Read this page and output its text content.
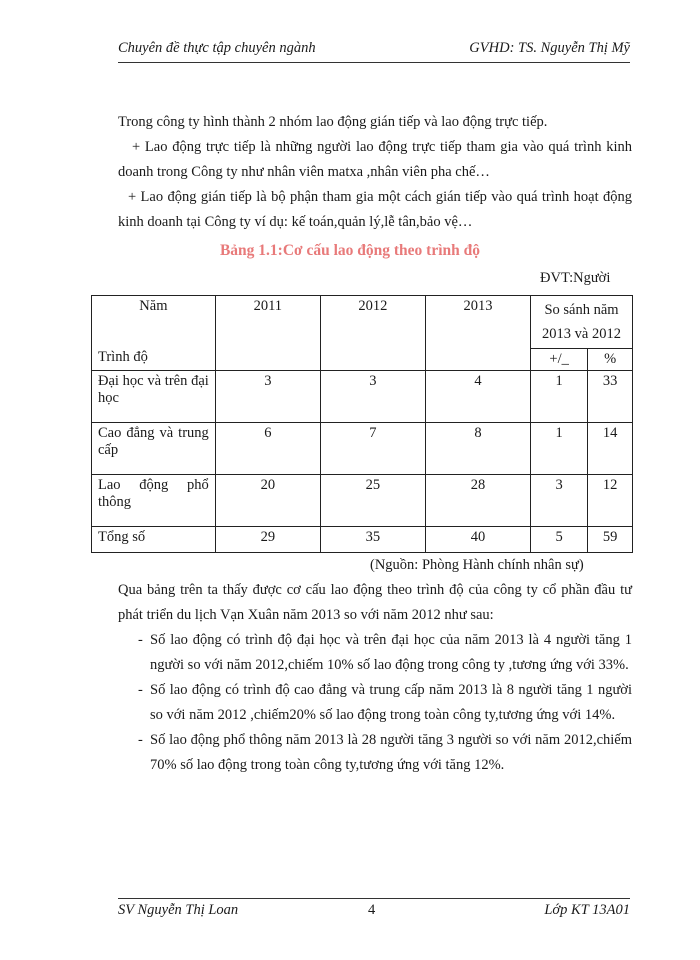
Chuyên đề thực tập chuyên ngành	GVHD: TS. Nguyễn Thị Mỹ

Trong công ty hình thành 2 nhóm lao động gián tiếp và lao động trực tiếp.

+ Lao động trực tiếp là những người lao động trực tiếp tham gia vào quá trình kinh doanh trong Công ty như nhân viên matxa ,nhân viên pha chế…

+ Lao động gián tiếp là bộ phận tham gia một cách gián tiếp vào quá trình hoạt động kinh doanh tại Công ty ví dụ: kế toán,quản lý,lễ tân,bảo vệ…

Bảng 1.1:Cơ cấu lao động theo trình độ
ĐVT:Người
Năm
Trình độ	2011	2012	2013	So sánh năm 2013 và 2012	
				+/_	%

Đại học và trên đại học	3	3	4	1	33

Cao đẳng và trung cấp	6	7	8	1	14

Lao động phổ thông	20	25	28	3	12
Tổng số	29	35	40	5	59
(Nguồn: Phòng Hành chính nhân sự)

Qua bảng trên ta thấy được cơ cấu lao động theo trình độ của công ty cổ phần đầu tư phát triển du lịch Vạn Xuân năm 2013 so với năm 2012 như sau:

- Số lao động có trình độ đại học và trên đại học của năm 2013 là 4 người tăng 1 người so với năm 2012,chiếm 10% số lao động trong công ty ,tương ứng với 33%.

- Số lao động có trình độ cao đẳng và trung cấp năm 2013 là 8 người tăng 1 người so với năm 2012 ,chiếm20% số lao động trong toàn công ty,tương ứng với 14%.

- Số lao động phổ thông năm 2013 là 28 người tăng 3 người so với năm 2012,chiếm 70% số lao động trong toàn công ty,tương ứng với tăng 12%.

SV Nguyễn Thị Loan	4	Lớp KT 13A01
